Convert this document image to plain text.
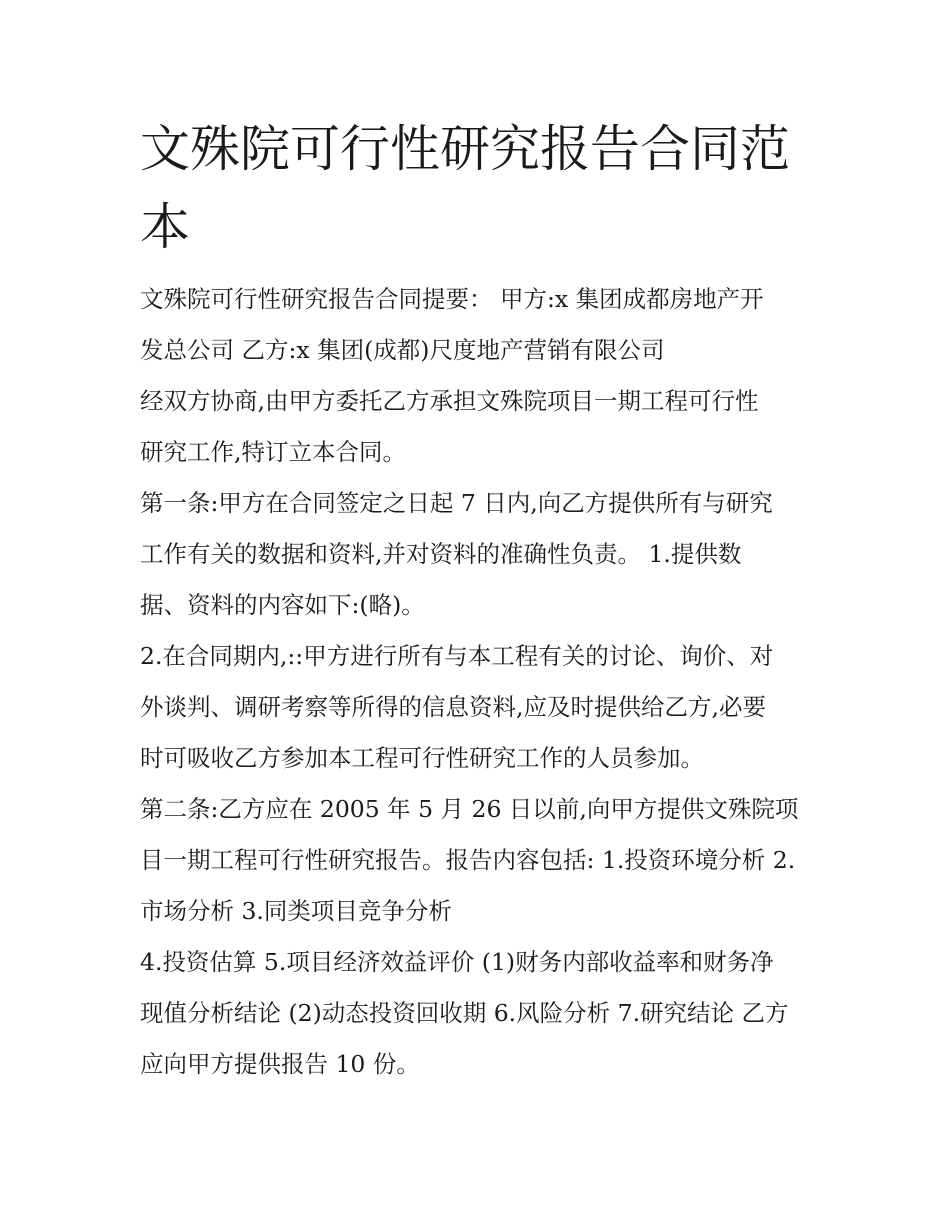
文殊院可行性研究报告合同范
本
文殊院可行性研究报告合同提要： 甲方:x 集团成都房地产开
发总公司 乙方:x 集团(成都)尺度地产营销有限公司
经双方协商,由甲方委托乙方承担文殊院项目一期工程可行性
研究工作,特订立本合同。
第一条:甲方在合同签定之日起 7 日内,向乙方提供所有与研究
工作有关的数据和资料,并对资料的准确性负责。 1.提供数
据、资料的内容如下:(略)。
2.在合同期内,::甲方进行所有与本工程有关的讨论、询价、对
外谈判、调研考察等所得的信息资料,应及时提供给乙方,必要
时可吸收乙方参加本工程可行性研究工作的人员参加。
第二条:乙方应在 2005 年 5 月 26 日以前,向甲方提供文殊院项
目一期工程可行性研究报告。报告内容包括: 1.投资环境分析 2.
市场分析 3.同类项目竞争分析
4.投资估算 5.项目经济效益评价 (1)财务内部收益率和财务净
现值分析结论 (2)动态投资回收期 6.风险分析 7.研究结论 乙方
应向甲方提供报告 10 份。
